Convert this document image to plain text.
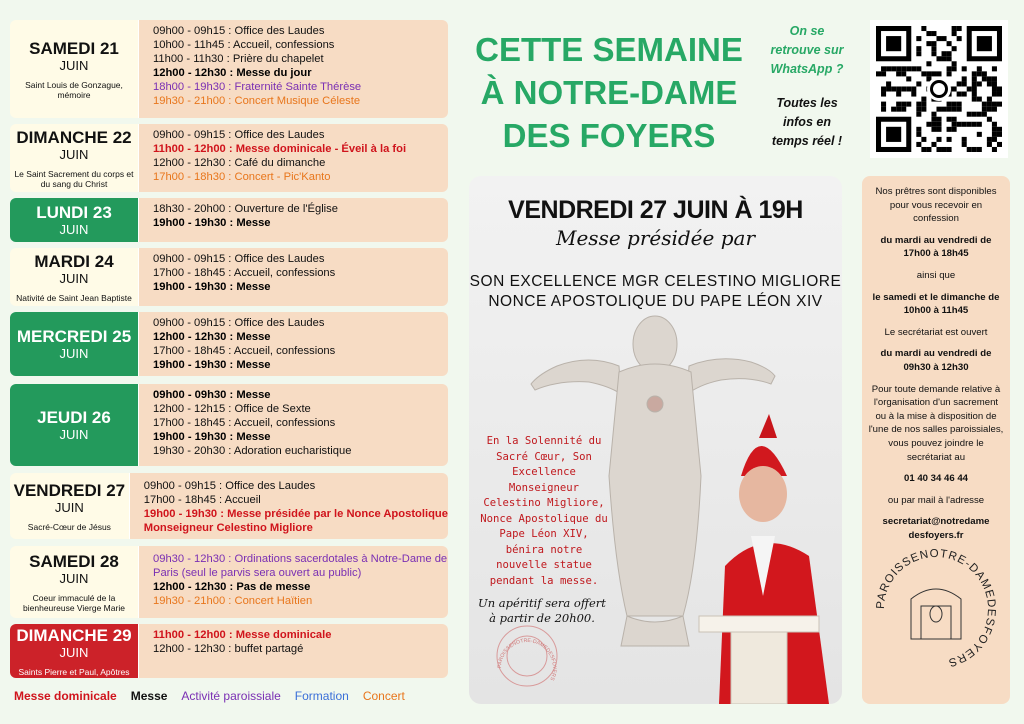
SAMEDI 21
JUIN
Saint Louis de Gonzague, mémoire
09h00 - 09h15 : Office des Laudes
10h00 - 11h45 : Accueil, confessions
11h00 - 11h30 : Prière du chapelet
12h00 - 12h30 : Messe du jour
18h00 - 19h30 : Fraternité Sainte Thérèse
19h30 - 21h00 : Concert Musique Céleste
DIMANCHE 22
JUIN
Le Saint Sacrement du corps et du sang du Christ
09h00 - 09h15 : Office des Laudes
11h00 - 12h00 : Messe dominicale - Éveil à la foi
12h00 - 12h30 : Café du dimanche
17h00 - 18h30 : Concert - Pic'Kanto
LUNDI 23
JUIN
18h30 - 20h00 : Ouverture de l'Église
19h00 - 19h30 : Messe
MARDI 24
JUIN
Nativité de Saint Jean Baptiste
09h00 - 09h15 : Office des Laudes
17h00 - 18h45 : Accueil, confessions
19h00 - 19h30 : Messe
MERCREDI 25
JUIN
09h00 - 09h15 : Office des Laudes
12h00 - 12h30 : Messe
17h00 - 18h45 : Accueil, confessions
19h00 - 19h30 : Messe
JEUDI 26
JUIN
09h00 - 09h30 : Messe
12h00 - 12h15 : Office de Sexte
17h00 - 18h45 : Accueil, confessions
19h00 - 19h30 : Messe
19h30 - 20h30 : Adoration eucharistique
VENDREDI 27
JUIN
Sacré-Cœur de Jésus
09h00 - 09h15 : Office des Laudes
17h00 - 18h45 : Accueil
19h00 - 19h30 : Messe présidée par le Nonce Apostolique
Monseigneur Celestino Migliore
SAMEDI 28
JUIN
Coeur immaculé de la bienheureuse Vierge Marie
09h30 - 12h30 : Ordinations sacerdotales à Notre-Dame de
Paris (seul le parvis sera ouvert au public)
12h00 - 12h30 : Pas de messe
19h30 - 21h00 : Concert Haïtien
DIMANCHE 29
JUIN
Saints Pierre et Paul, Apôtres
11h00 - 12h00 : Messe dominicale
12h00 - 12h30 : buffet partagé
Messe dominicale Messe Activité paroissiale Formation Concert
CETTE SEMAINE
À NOTRE-DAME
DES FOYERS
On se
retrouve sur
WhatsApp ?
Toutes les
infos en
temps réel !
VENDREDI 27 JUIN À 19H
Messe présidée par
SON EXCELLENCE MGR CELESTINO MIGLIORE
NONCE APOSTOLIQUE DU PAPE LÉON XIV
En la Solennité du Sacré Cœur, Son Excellence Monseigneur Celestino Migliore, Nonce Apostolique du Pape Léon XIV, bénira notre nouvelle statue pendant la messe.
Un apéritif sera offert à partir de 20h00.
PAROISSENOTRE-DAMEDESFOYERS

Nos prêtres sont disponibles pour vous recevoir en confession

du mardi au vendredi de 17h00 à 18h45

ainsi que

le samedi et le dimanche de 10h00 à 11h45

Le secrétariat est ouvert

du mardi au vendredi de 09h30 à 12h30

Pour toute demande relative à l'organisation d'un sacrement ou à la mise à disposition de l'une de nos salles paroissiales, vous pouvez joindre le secrétariat au

01 40 34 46 44

ou par mail à l'adresse

secretariat@notredame
desfoyers.fr

PAROISSENOTRE-DAMEDESFOYERS
